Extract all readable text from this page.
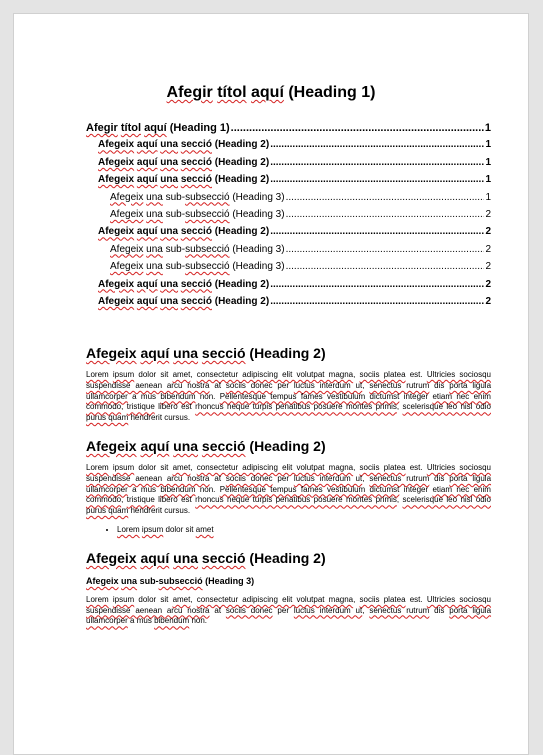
Afegir títol aquí (Heading 1)
Afegir títol aquí (Heading 1) .....	1
Afegeix aquí una secció (Heading 2) .....	1
Afegeix aquí una secció (Heading 2) .....	1
Afegeix aquí una secció (Heading 2) .....	1
Afegeix una sub-subsecció (Heading 3) .....	1
Afegeix una sub-subsecció (Heading 3) .....	2
Afegeix aquí una secció (Heading 2) .....	2
Afegeix una sub-subsecció (Heading 3) .....	2
Afegeix una sub-subsecció (Heading 3) .....	2
Afegeix aquí una secció (Heading 2) .....	2
Afegeix aquí una secció (Heading 2) .....	2
Afegeix aquí una secció (Heading 2)

Lorem ipsum dolor sit amet, consectetur adipiscing elit volutpat magna, sociis platea est. Ultricies sociosqu suspendisse aenean arcu nostra at sociis donec per luctus interdum ut, senectus rutrum dis porta ligula ullamcorper a mus bibendum non. Pellentesque tempus fames vestibulum dictumst integer etiam nec enim commodo, tristique libero est rhoncus neque turpis penatibus posuere montes primis, scelerisque leo nisl odio purus quam hendrerit cursus.

Afegeix aquí una secció (Heading 2)

Lorem ipsum dolor sit amet, consectetur adipiscing elit volutpat magna, sociis platea est. Ultricies sociosqu suspendisse aenean arcu nostra at sociis donec per luctus interdum ut, senectus rutrum dis porta ligula ullamcorper a mus bibendum non. Pellentesque tempus fames vestibulum dictumst integer etiam nec enim commodo, tristique libero est rhoncus neque turpis penatibus posuere montes primis, scelerisque leo nisl odio purus quam hendrerit cursus.

• Lorem ipsum dolor sit amet
Afegeix aquí una secció (Heading 2)
Afegeix una sub-subsecció (Heading 3)

Lorem ipsum dolor sit amet, consectetur adipiscing elit volutpat magna, sociis platea est. Ultricies sociosqu suspendisse aenean arcu nostra at sociis donec per luctus interdum ut, senectus rutrum dis porta ligula ullamcorper a mus bibendum non.
